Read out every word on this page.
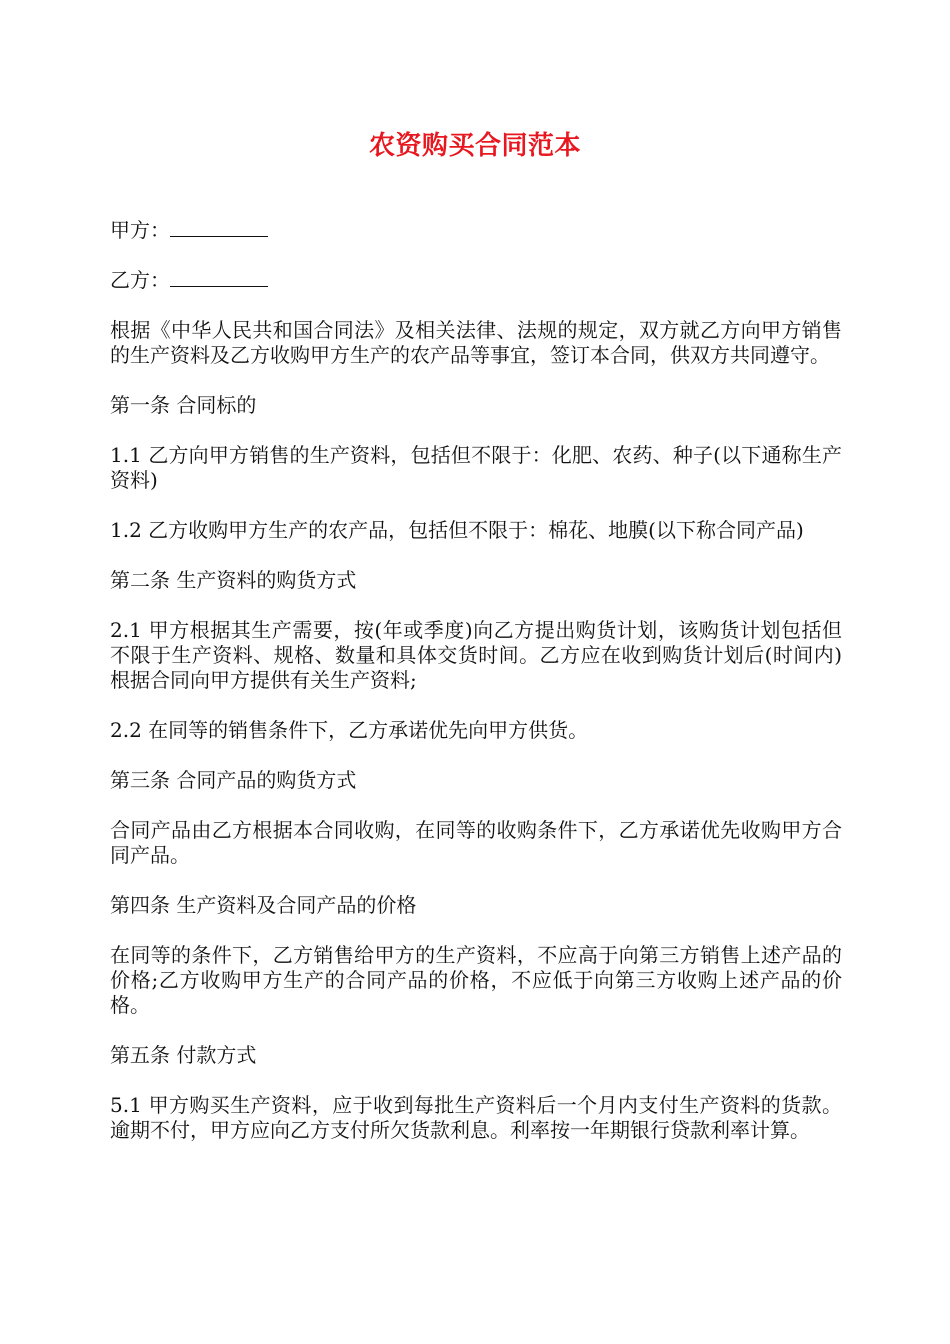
农资购买合同范本
甲方：
乙方：

根据《中华人民共和国合同法》及相关法律、法规的规定，双方就乙方向甲方销售的生产资料及乙方收购甲方生产的农产品等事宜，签订本合同，供双方共同遵守。

第一条 合同标的

1.1 乙方向甲方销售的生产资料，包括但不限于：化肥、农药、种子(以下通称生产资料)

1.2 乙方收购甲方生产的农产品，包括但不限于：棉花、地膜(以下称合同产品)

第二条 生产资料的购货方式

2.1 甲方根据其生产需要，按(年或季度)向乙方提出购货计划，该购货计划包括但不限于生产资料、规格、数量和具体交货时间。乙方应在收到购货计划后(时间内)根据合同向甲方提供有关生产资料;

2.2 在同等的销售条件下，乙方承诺优先向甲方供货。

第三条 合同产品的购货方式

合同产品由乙方根据本合同收购，在同等的收购条件下，乙方承诺优先收购甲方合同产品。

第四条 生产资料及合同产品的价格

在同等的条件下，乙方销售给甲方的生产资料，不应高于向第三方销售上述产品的价格;乙方收购甲方生产的合同产品的价格，不应低于向第三方收购上述产品的价格。

第五条 付款方式

5.1 甲方购买生产资料，应于收到每批生产资料后一个月内支付生产资料的货款。逾期不付，甲方应向乙方支付所欠货款利息。利率按一年期银行贷款利率计算。
